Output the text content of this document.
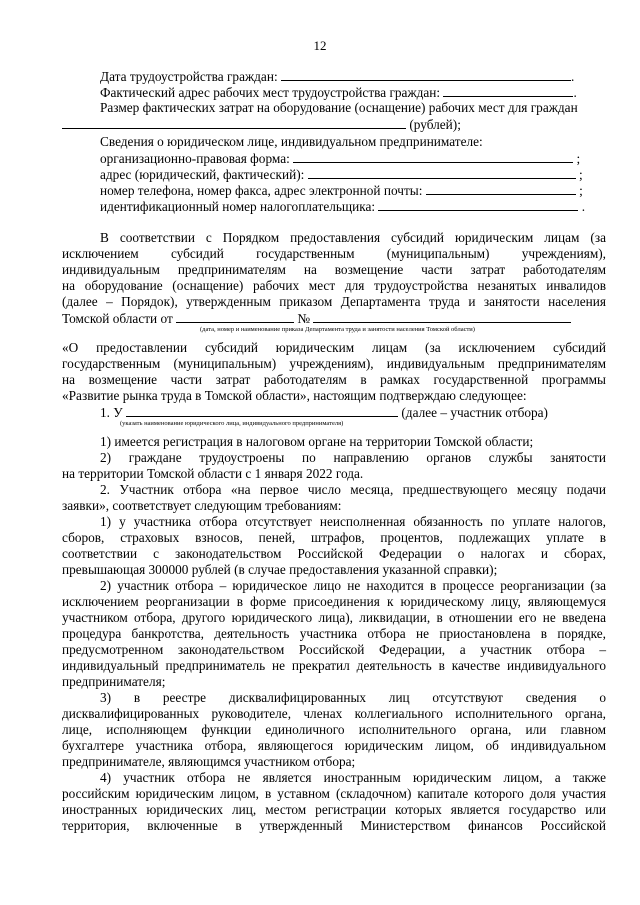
12
Дата трудоустройства граждан:	.
Фактический адрес рабочих мест трудоустройства граждан:	.
Размер фактических затрат на оборудование (оснащение) рабочих мест для граждан
(рублей);
Сведения о юридическом лице, индивидуальном предпринимателе:
организационно-правовая форма:	;
адрес (юридический, фактический):	;
номер телефона, номер факса, адрес электронной почты:	;
идентификационный номер налогоплательщика:	.
В соответствии с Порядком предоставления субсидий юридическим лицам (за
исключением субсидий государственным (муниципальным) учреждениям),
индивидуальным предпринимателям на возмещение части затрат работодателям
на оборудование (оснащение) рабочих мест для трудоустройства незанятых инвалидов
(далее – Порядок), утвержденным приказом Департамента труда и занятости населения
Томской области от	№
(дата, номер и наименование приказа Департамента труда и занятости населения Томской области)
«О предоставлении субсидий юридическим лицам (за исключением субсидий
государственным (муниципальным) учреждениям), индивидуальным предпринимателям
на возмещение части затрат работодателям в рамках государственной программы
«Развитие рынка труда в Томской области», настоящим подтверждаю следующее:
1. У	(далее – участник отбора)
(указать наименование юридического лица, индивидуального предпринимателя)
1) имеется регистрация в налоговом органе на территории Томской области;
2) граждане трудоустроены по направлению органов службы занятости
на территории Томской области с 1 января 2022 года.
2. Участник отбора «на первое число месяца, предшествующего месяцу подачи
заявки», соответствует следующим требованиям:
1) у участника отбора отсутствует неисполненная обязанность по уплате налогов,
сборов, страховых взносов, пеней, штрафов, процентов, подлежащих уплате в
соответствии с законодательством Российской Федерации о налогах и сборах,
превышающая 300000 рублей (в случае предоставления указанной справки);
2) участник отбора – юридическое лицо не находится в процессе реорганизации (за
исключением реорганизации в форме присоединения к юридическому лицу, являющемуся
участником отбора, другого юридического лица), ликвидации, в отношении его не введена
процедура банкротства, деятельность участника отбора не приостановлена в порядке,
предусмотренном законодательством Российской Федерации, а участник отбора –
индивидуальный предприниматель не прекратил деятельность в качестве индивидуального
предпринимателя;
3) в реестре дисквалифицированных лиц отсутствуют сведения о
дисквалифицированных руководителе, членах коллегиального исполнительного органа,
лице, исполняющем функции единоличного исполнительного органа, или главном
бухгалтере участника отбора, являющегося юридическим лицом, об индивидуальном
предпринимателе, являющимся участником отбора;
4) участник отбора не является иностранным юридическим лицом, а также
российским юридическим лицом, в уставном (складочном) капитале которого доля участия
иностранных юридических лиц, местом регистрации которых является государство или
территория, включенные в утвержденный Министерством финансов Российской
